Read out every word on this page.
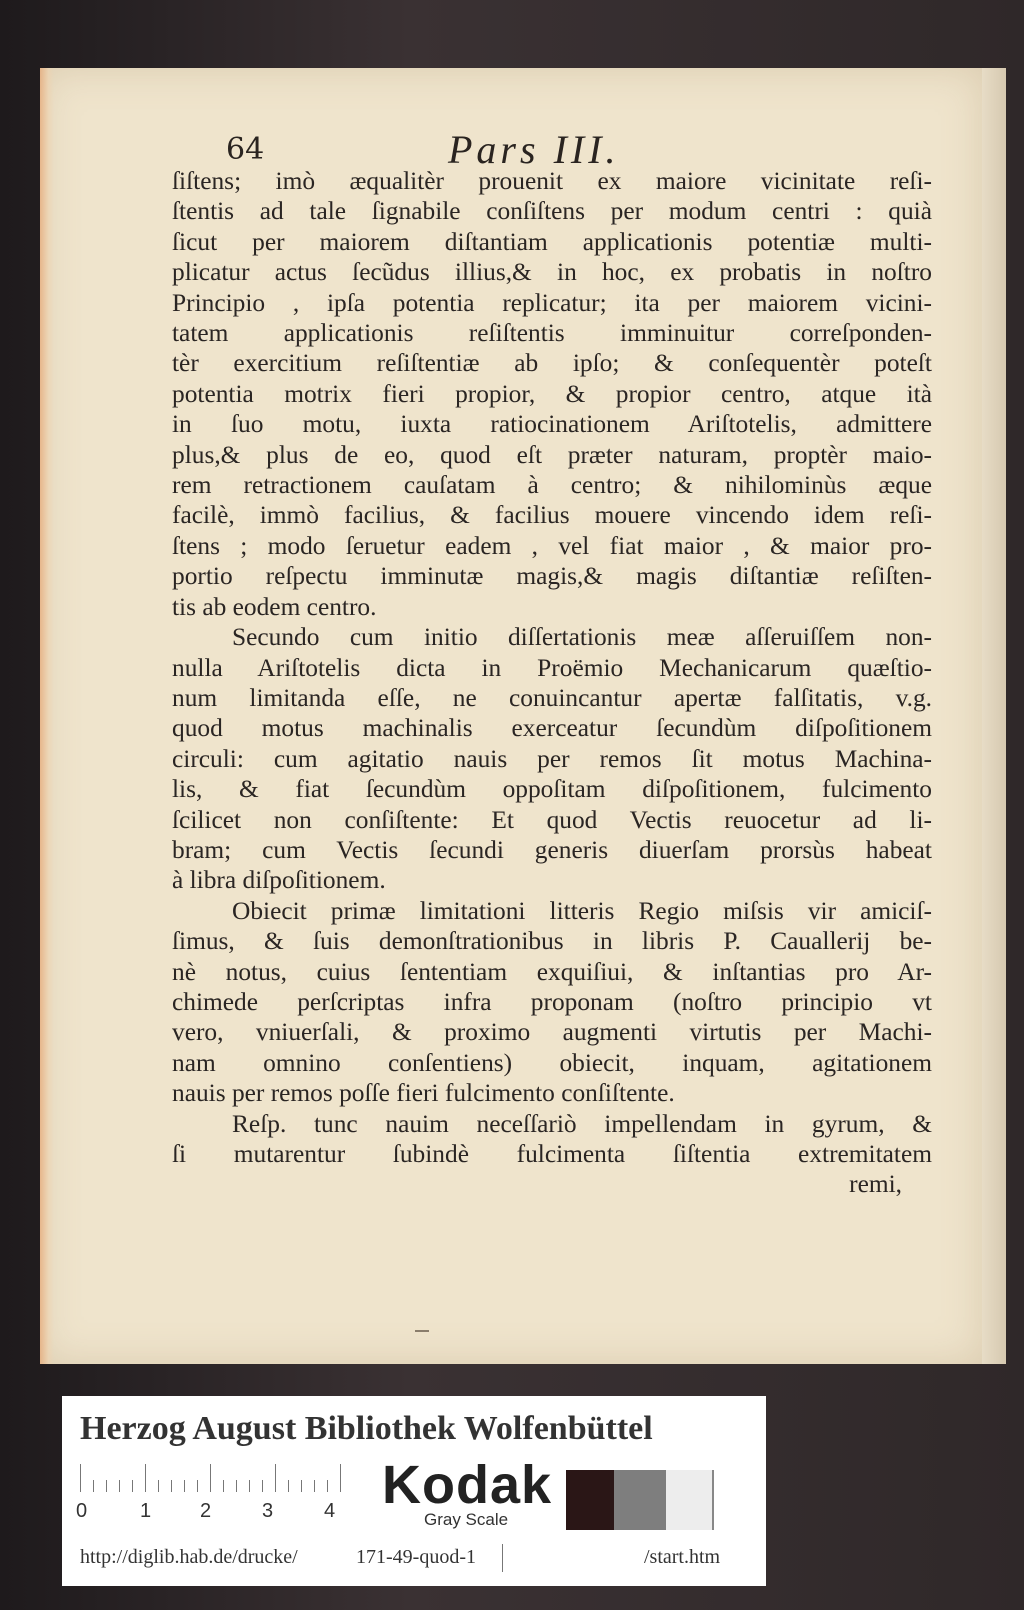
64	Pars III.

ſiſtens; imò æqualitèr prouenit ex maiore vicinitate reſi-

ſtentis ad tale ſignabile conſiſtens per modum centri : quià

ſicut per maiorem diſtantiam applicationis potentiæ multi-

plicatur actus ſecũdus illius,& in hoc, ex probatis in noſtro

Principio , ipſa potentia replicatur; ita per maiorem vicini-

tatem applicationis reſiſtentis imminuitur correſponden-

tèr exercitium reſiſtentiæ ab ipſo; & conſequentèr poteſt

potentia motrix fieri propior, & propior centro, atque ità

in ſuo motu, iuxta ratiocinationem Ariſtotelis, admittere

plus,& plus de eo, quod eſt præter naturam, proptèr maio-

rem retractionem cauſatam à centro; & nihilominùs æque

facilè, immò facilius, & facilius mouere vincendo idem reſi-

ſtens ; modo ſeruetur eadem , vel fiat maior , & maior pro-

portio reſpectu imminutæ magis,& magis diſtantiæ reſiſten-

tis ab eodem centro.

Secundo cum initio diſſertationis meæ aſſeruiſſem non-

nulla Ariſtotelis dicta in Proëmio Mechanicarum quæſtio-

num limitanda eſſe, ne conuincantur apertæ falſitatis, v.g.

quod motus machinalis exerceatur ſecundùm diſpoſitionem

circuli: cum agitatio nauis per remos ſit motus Machina-

lis, & fiat ſecundùm oppoſitam diſpoſitionem, fulcimento

ſcilicet non conſiſtente: Et quod Vectis reuocetur ad li-

bram; cum Vectis ſecundi generis diuerſam prorsùs habeat

à libra diſpoſitionem.

Obiecit primæ limitationi litteris Regio miſsis vir amiciſ-

ſimus, & ſuis demonſtrationibus in libris P. Cauallerij be-

nè notus, cuius ſententiam exquiſiui, & inſtantias pro Ar-

chimede perſcriptas infra proponam (noſtro principio vt

vero, vniuerſali, & proximo augmenti virtutis per Machi-

nam omnino conſentiens) obiecit, inquam, agitationem

nauis per remos poſſe fieri fulcimento conſiſtente.

Reſp. tunc nauim neceſſariò impellendam in gyrum, &

ſi mutarentur ſubindè fulcimenta ſiſtentia extremitatem

remi,

Herzog August Bibliothek Wolfenbüttel
0	1 2	3	4 Kodak
Gray Scale
http://diglib.hab.de/drucke/	171-49-quod-1	/start.htm
